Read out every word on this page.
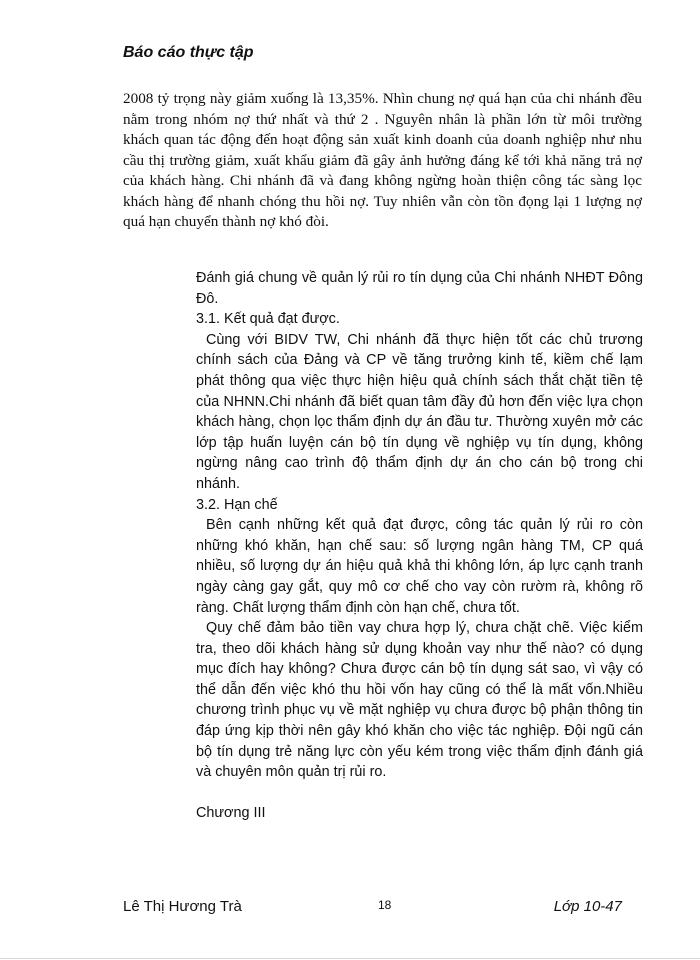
Báo cáo thực tập

2008 tỷ trọng này giảm xuống là 13,35%. Nhìn chung nợ quá hạn của chi nhánh đều nằm trong nhóm nợ thứ nhất và thứ 2 . Nguyên nhân là phần lớn từ môi trường khách quan tác động đến hoạt động sản xuất kinh doanh của doanh nghiệp như nhu cầu thị trường giảm, xuất khẩu giảm đã gây ảnh hưởng đáng kể tới khả năng trả nợ của khách hàng. Chi nhánh đã và đang không ngừng hoàn thiện công tác sàng lọc khách hàng để nhanh chóng thu hồi nợ. Tuy nhiên vẫn còn tồn đọng lại 1 lượng nợ quá hạn chuyển thành nợ khó đòi.

Đánh giá chung về quản lý rủi ro tín dụng của Chi nhánh NHĐT Đông Đô.

3.1. Kết quả đạt được.

Cùng với BIDV TW, Chi nhánh đã thực hiện tốt các chủ trương chính sách của Đảng và CP về tăng trưởng kinh tế, kiềm chế lạm phát thông qua việc thực hiện hiệu quả chính sách thắt chặt tiền tệ của NHNN.Chi nhánh đã biết quan tâm đầy đủ hơn đến việc lựa chọn khách hàng, chọn lọc thẩm định dự án đầu tư. Thường xuyên mở các lớp tập huấn luyện cán bộ tín dụng về nghiệp vụ tín dụng, không ngừng nâng cao trình độ thẩm định dự án cho cán bộ trong chi nhánh.

3.2. Hạn chế

Bên cạnh những kết quả đạt được, công tác quản lý rủi ro còn những khó khăn, hạn chế sau: số lượng ngân hàng TM, CP quá nhiều, số lượng dự án hiệu quả khả thi không lớn, áp lực cạnh tranh ngày càng gay gắt, quy mô cơ chế cho vay còn rườm rà, không rõ ràng. Chất lượng thẩm định còn hạn chế, chưa tốt.

Quy chế đảm bảo tiền vay chưa hợp lý, chưa chặt chẽ. Việc kiểm tra, theo dõi khách hàng sử dụng khoản vay như thế nào? có dụng mục đích hay không? Chưa được cán bộ tín dụng sát sao, vì vậy có thể dẫn đến việc khó thu hồi vốn hay cũng có thể là mất vốn.Nhiều chương trình phục vụ về mặt nghiệp vụ chưa được bộ phận thông tin đáp ứng kịp thời nên gây khó khăn cho việc tác nghiệp. Đội ngũ cán bộ tín dụng trẻ năng lực còn yếu kém trong việc thẩm định đánh giá và chuyên môn quản trị rủi ro.

Chương III

Lê Thị Hương Trà	18	Lớp 10-47
